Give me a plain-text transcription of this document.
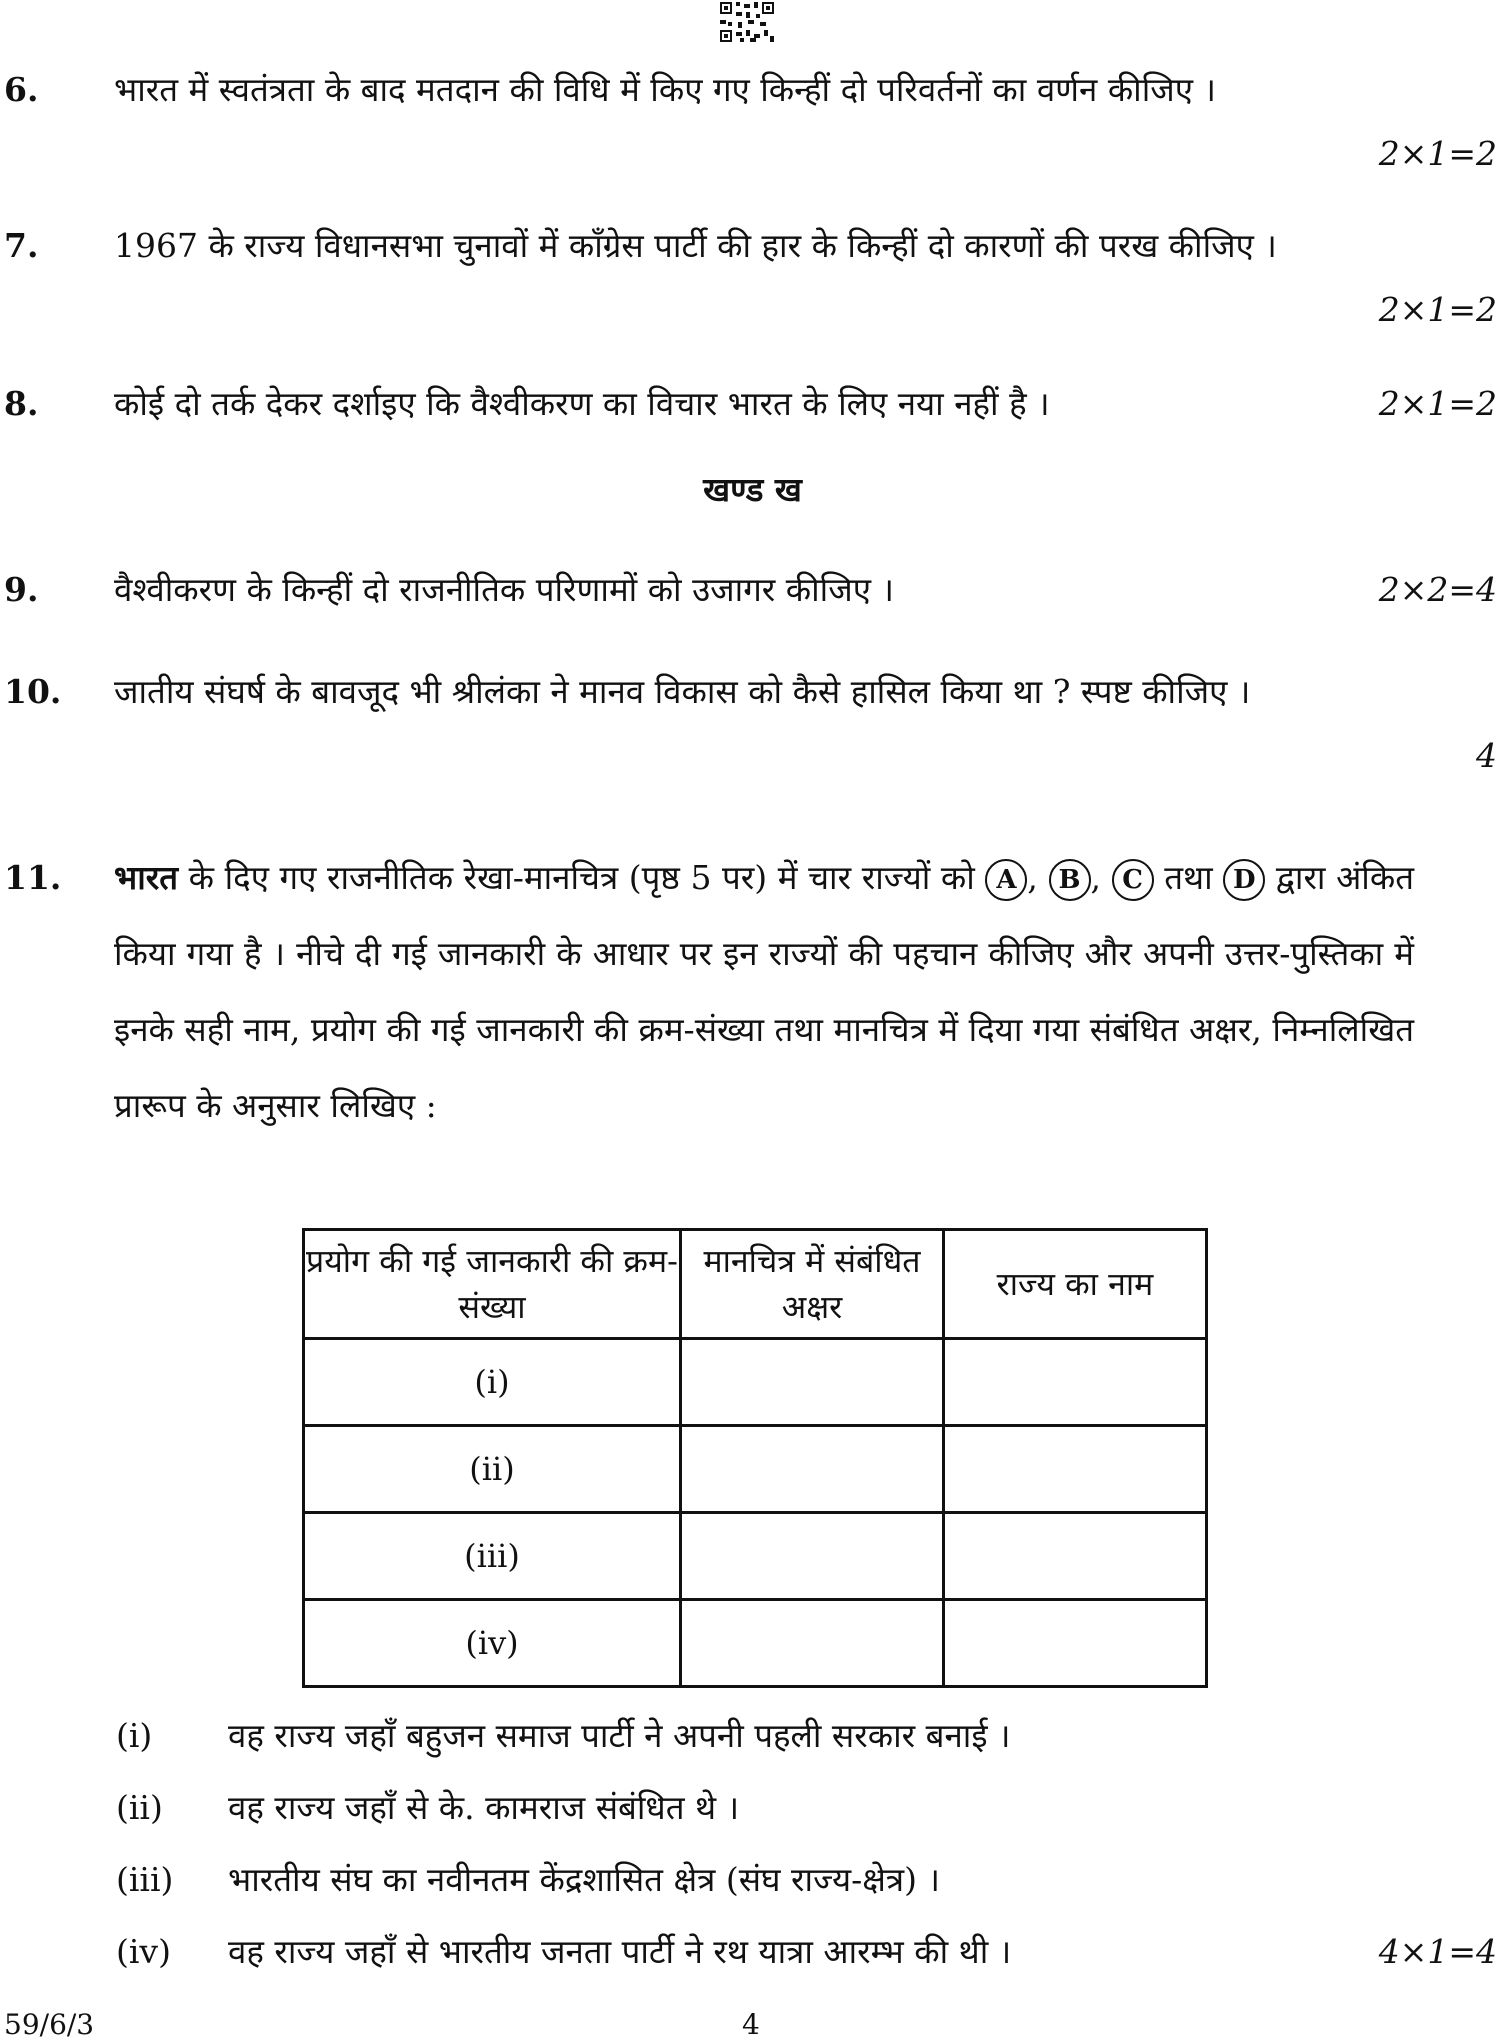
6. भारत में स्वतंत्रता के बाद मतदान की विधि में किए गए किन्हीं दो परिवर्तनों का वर्णन कीजिए ।
2×1=2
7. 1967 के राज्य विधानसभा चुनावों में काँग्रेस पार्टी की हार के किन्हीं दो कारणों की परख कीजिए ।
2×1=2
8. कोई दो तर्क देकर दर्शाइए कि वैश्वीकरण का विचार भारत के लिए नया नहीं है ।	2×1=2
खण्ड ख
9. वैश्वीकरण के किन्हीं दो राजनीतिक परिणामों को उजागर कीजिए ।	2×2=4
10. जातीय संघर्ष के बावजूद भी श्रीलंका ने मानव विकास को कैसे हासिल किया था ? स्पष्ट कीजिए ।
4
11. भारत के दिए गए राजनीतिक रेखा-मानचित्र (पृष्ठ 5 पर) में चार राज्यों को A , B , C तथा D द्वारा अंकित किया गया है । नीचे दी गई जानकारी के आधार पर इन राज्यों की पहचान कीजिए और अपनी उत्तर-पुस्तिका में इनके सही नाम, प्रयोग की गई जानकारी की क्रम-संख्या तथा मानचित्र में दिया गया संबंधित अक्षर, निम्नलिखित प्रारूप के अनुसार लिखिए :
प्रयोग की गई जानकारी की क्रम-संख्या	मानचित्र में संबंधित अक्षर	राज्य का नाम
(i)		
(ii)		
(iii)		
(iv)		
(i) वह राज्य जहाँ बहुजन समाज पार्टी ने अपनी पहली सरकार बनाई ।
(ii) वह राज्य जहाँ से के. कामराज संबंधित थे ।
(iii) भारतीय संघ का नवीनतम केंद्रशासित क्षेत्र (संघ राज्य-क्षेत्र) ।
(iv) वह राज्य जहाँ से भारतीय जनता पार्टी ने रथ यात्रा आरम्भ की थी ।	4×1=4
59/6/3	4
